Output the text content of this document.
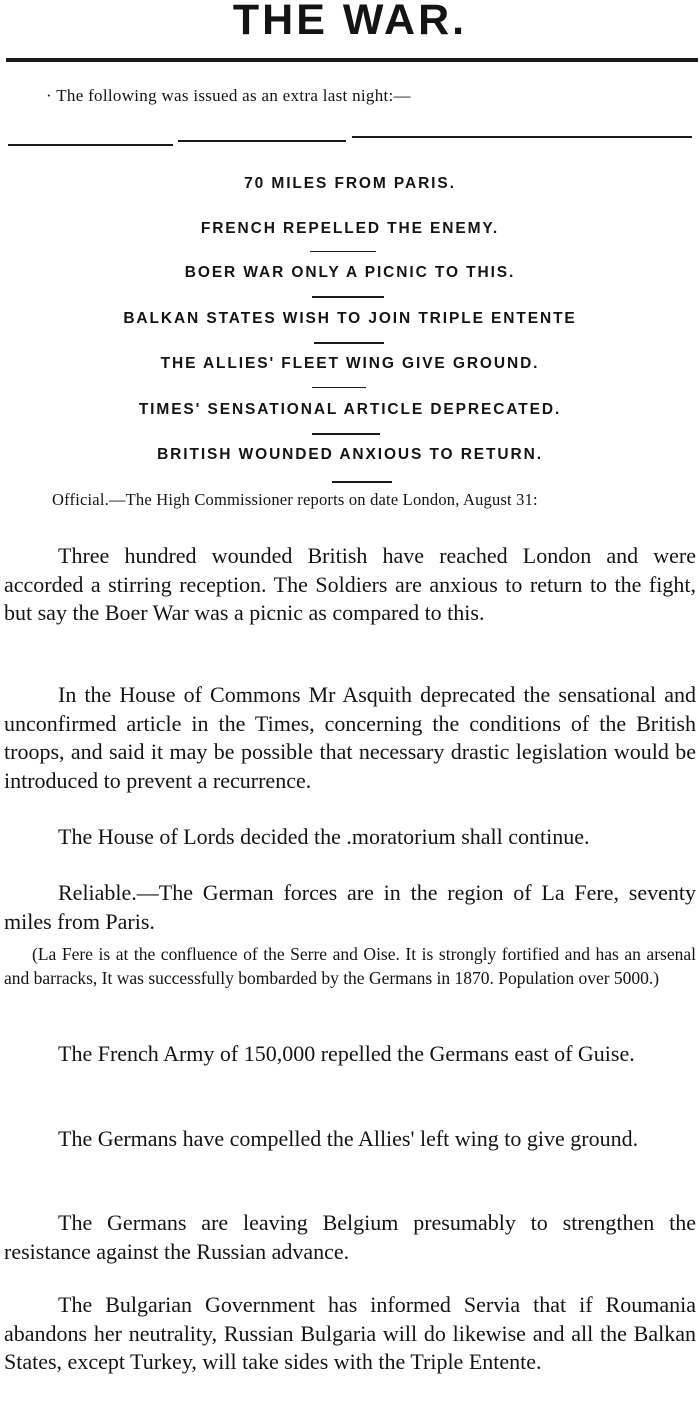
THE WAR.
· The following was issued as an extra last night:—
70 MILES FROM PARIS.
FRENCH REPELLED THE ENEMY.
BOER WAR ONLY A PICNIC TO THIS.
BALKAN STATES WISH TO JOIN TRIPLE ENTENTE
THE ALLIES' FLEET WING GIVE GROUND.
TIMES' SENSATIONAL ARTICLE DEPRECATED.
BRITISH WOUNDED ANXIOUS TO RETURN.
Official.—The High Commissioner reports on date London, August 31:

Three hundred wounded British have reached London and were accorded a stirring reception. The Soldiers are anxious to return to the fight, but say the Boer War was a picnic as compared to this.

In the House of Commons Mr Asquith deprecated the sensational and unconfirmed article in the Times, concerning the conditions of the British troops, and said it may be possible that necessary drastic legislation would be introduced to prevent a recurrence.

The House of Lords decided the .moratorium shall continue.

Reliable.—The German forces are in the region of La Fere, seventy miles from Paris.

(La Fere is at the confluence of the Serre and Oise. It is strongly fortified and has an arsenal and barracks, It was successfully bombarded by the Germans in 1870. Population over 5000.)

The French Army of 150,000 repelled the Germans east of Guise.

The Germans have compelled the Allies' left wing to give ground.

The Germans are leaving Belgium presumably to strengthen the resistance against the Russian advance.

The Bulgarian Government has informed Servia that if Roumania abandons her neutrality, Russian Bulgaria will do likewise and all the Balkan States, except Turkey, will take sides with the Triple Entente.
